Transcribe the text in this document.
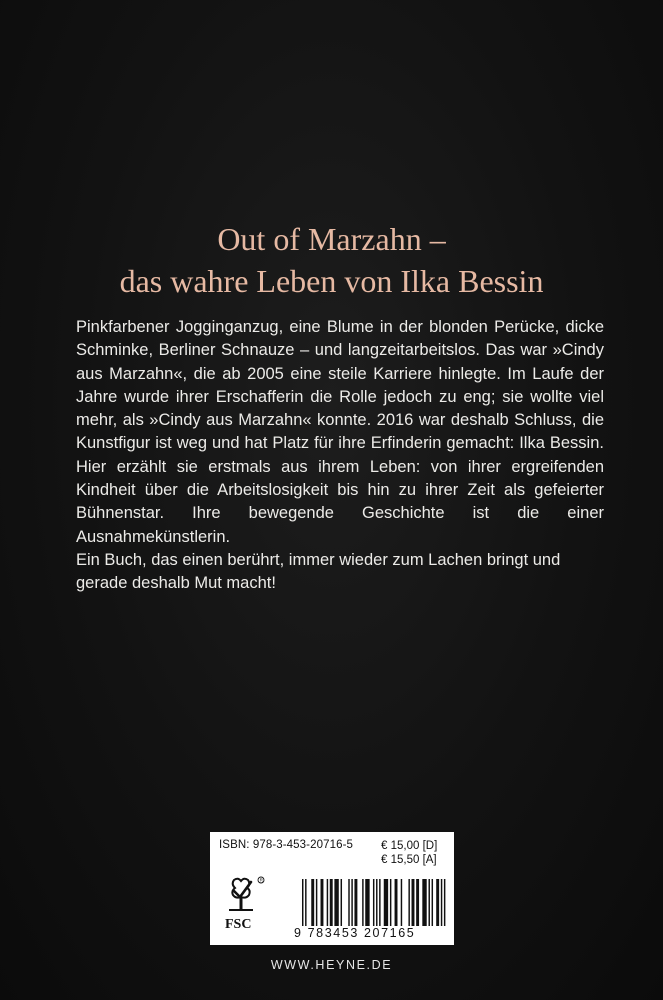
Out of Marzahn –
das wahre Leben von Ilka Bessin

Pinkfarbener Jogginganzug, eine Blume in der blonden Perücke, dicke Schminke, Berliner Schnauze – und langzeitarbeitslos. Das war »Cindy aus Marzahn«, die ab 2005 eine steile Karriere hinlegte. Im Laufe der Jahre wurde ihrer Erschafferin die Rolle jedoch zu eng; sie wollte viel mehr, als »Cindy aus Marzahn« konnte. 2016 war deshalb Schluss, die Kunstfigur ist weg und hat Platz für ihre Erfinderin gemacht: Ilka Bessin. Hier erzählt sie erstmals aus ihrem Leben: von ihrer ergreifenden Kindheit über die Arbeitslosigkeit bis hin zu ihrer Zeit als gefeierter Bühnenstar. Ihre bewegende Geschichte ist die einer Ausnahmekünstlerin.

Ein Buch, das einen berührt, immer wieder zum Lachen bringt und gerade deshalb Mut macht!

ISBN: 978-3-453-20716-5 € 15,00 [D]
€ 15,50 [A]
R
FSC
9 783453 207165
WWW.HEYNE.DE
